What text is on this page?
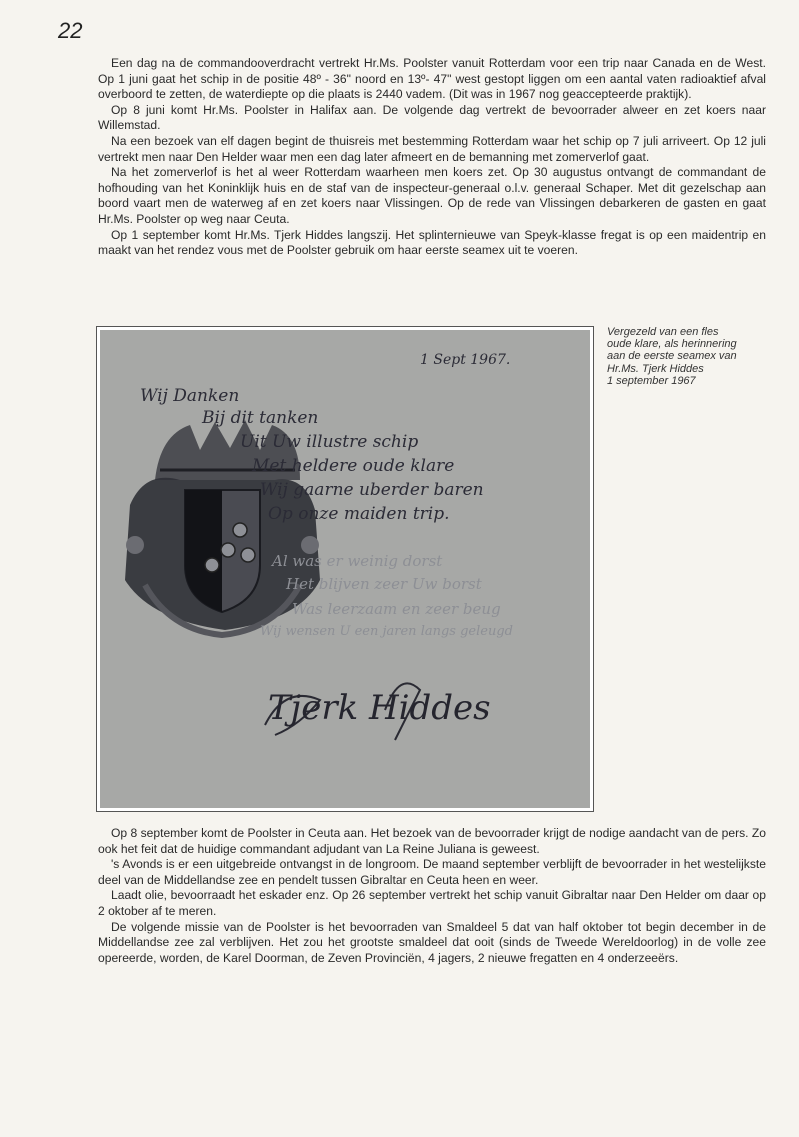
22

Een dag na de commandooverdracht vertrekt Hr.Ms. Poolster vanuit Rotterdam voor een trip naar Canada en de West. Op 1 juni gaat het schip in de positie 48º - 36" noord en 13º- 47" west gestopt liggen om een aantal vaten radioaktief afval overboord te zetten, de waterdiepte op die plaats is 2440 vadem. (Dit was in 1967 nog geaccepteerde praktijk).

Op 8 juni komt Hr.Ms. Poolster in Halifax aan. De volgende dag vertrekt de bevoorrader alweer en zet koers naar Willemstad.

Na een bezoek van elf dagen begint de thuisreis met bestemming Rotterdam waar het schip op 7 juli arriveert. Op 12 juli vertrekt men naar Den Helder waar men een dag later afmeert en de bemanning met zomerverlof gaat.

Na het zomerverlof is het al weer Rotterdam waarheen men koers zet. Op 30 augustus ontvangt de commandant de hofhouding van het Koninklijk huis en de staf van de inspecteur-generaal o.l.v. generaal Schaper. Met dit gezelschap aan boord vaart men de waterweg af en zet koers naar Vlissingen. Op de rede van Vlissingen debarkeren de gasten en gaat Hr.Ms. Poolster op weg naar Ceuta.

Op 1 september komt Hr.Ms. Tjerk Hiddes langszij. Het splinternieuwe van Speyk-klasse fregat is op een maidentrip en maakt van het rendez vous met de Poolster gebruik om haar eerste seamex uit te voeren.

1 Sept 1967.
Wij Danken
Bij dit tanken
Uit Uw illustre schip
Met heldere oude klare
Wij gaarne uberder baren
Op onze maiden trip.
Al was er weinig dorst
Het blijven zeer Uw borst
Was leerzaam en zeer beug
Wij wensen U een jaren langs geleugd
Tjerk Hiddes
Vergezeld van een fles
oude klare, als herinnering
aan de eerste seamex van
Hr.Ms. Tjerk Hiddes
1 september 1967

Op 8 september komt de Poolster in Ceuta aan. Het bezoek van de bevoorrader krijgt de nodige aandacht van de pers. Zo ook het feit dat de huidige commandant adjudant van La Reine Juliana is geweest.

's Avonds is er een uitgebreide ontvangst in de longroom. De maand september verblijft de bevoorrader in het westelijkste deel van de Middellandse zee en pendelt tussen Gibraltar en Ceuta heen en weer.

Laadt olie, bevoorraadt het eskader enz. Op 26 september vertrekt het schip vanuit Gibraltar naar Den Helder om daar op 2 oktober af te meren.

De volgende missie van de Poolster is het bevoorraden van Smaldeel 5 dat van half oktober tot begin december in de Middellandse zee zal verblijven. Het zou het grootste smaldeel dat ooit (sinds de Tweede Wereldoorlog) in de volle zee opereerde, worden, de Karel Doorman, de Zeven Provinciën, 4 jagers, 2 nieuwe fregatten en 4 onderzeeërs.
